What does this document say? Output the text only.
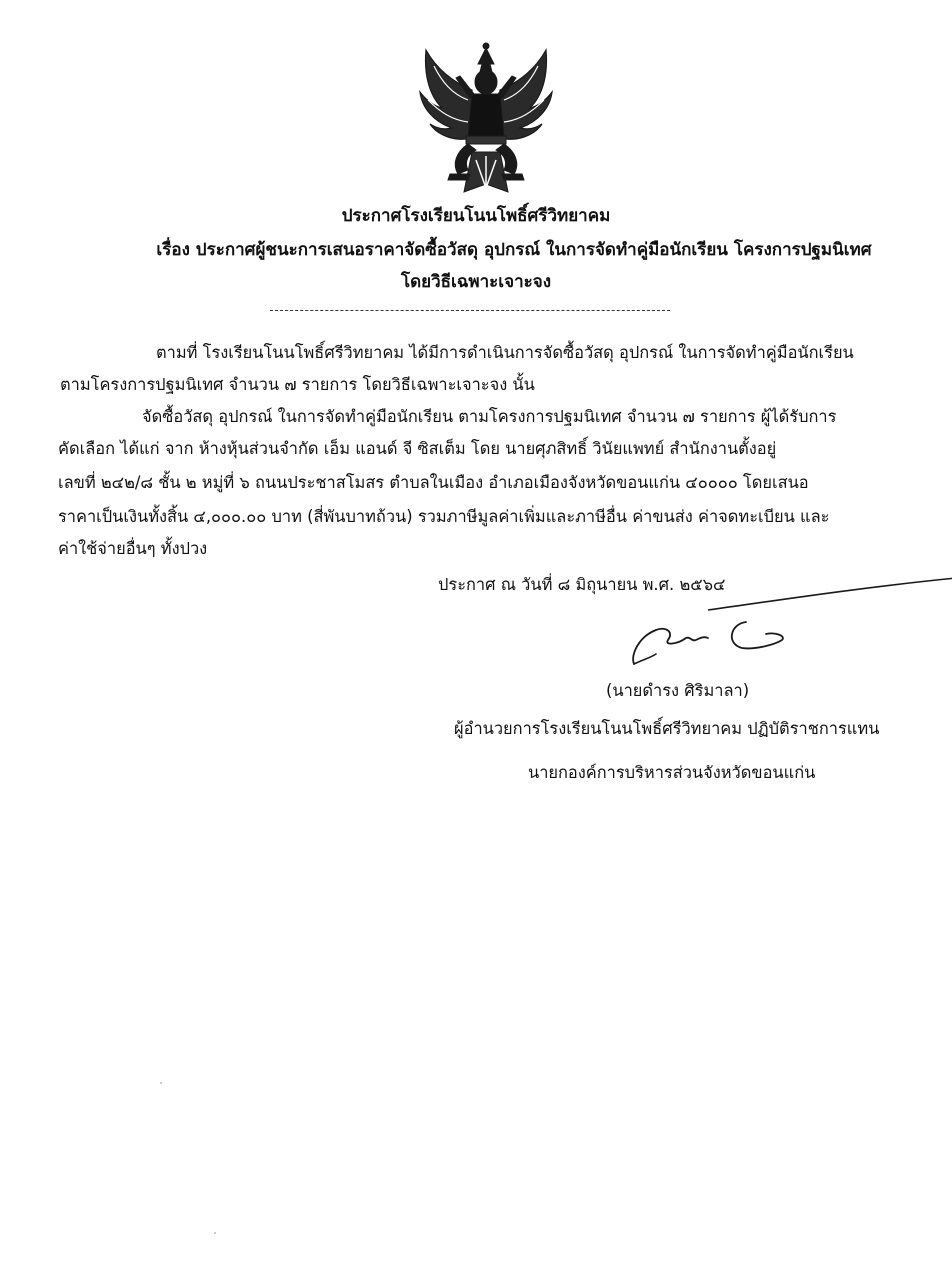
ประกาศโรงเรียนโนนโพธิ์ศรีวิทยาคม
เรื่อง ประกาศผู้ชนะการเสนอราคาจัดซื้อวัสดุ อุปกรณ์ ในการจัดทำคู่มือนักเรียน โครงการปฐมนิเทศ
โดยวิธีเฉพาะเจาะจง
ตามที่ โรงเรียนโนนโพธิ์ศรีวิทยาคม ได้มีการดำเนินการจัดซื้อวัสดุ อุปกรณ์ ในการจัดทำคู่มือนักเรียน
ตามโครงการปฐมนิเทศ จำนวน ๗ รายการ โดยวิธีเฉพาะเจาะจง นั้น
จัดซื้อวัสดุ อุปกรณ์ ในการจัดทำคู่มือนักเรียน ตามโครงการปฐมนิเทศ จำนวน ๗ รายการ ผู้ได้รับการ
คัดเลือก ได้แก่ จาก ห้างหุ้นส่วนจำกัด เอ็ม แอนด์ จี ซิสเต็ม โดย นายศุภสิทธิ์ วินัยแพทย์ สำนักงานตั้งอยู่
เลขที่ ๒๔๒/๘ ชั้น ๒ หมู่ที่ ๖ ถนนประชาสโมสร ตำบลในเมือง อำเภอเมืองจังหวัดขอนแก่น ๔๐๐๐๐ โดยเสนอ
ราคาเป็นเงินทั้งสิ้น ๔,๐๐๐.๐๐ บาท (สี่พันบาทถ้วน) รวมภาษีมูลค่าเพิ่มและภาษีอื่น ค่าขนส่ง ค่าจดทะเบียน และ
ค่าใช้จ่ายอื่นๆ ทั้งปวง
ประกาศ ณ วันที่ ๘ มิถุนายน พ.ศ. ๒๕๖๔
(นายดำรง ศิริมาลา)
ผู้อำนวยการโรงเรียนโนนโพธิ์ศรีวิทยาคม ปฏิบัติราชการแทน
นายกองค์การบริหารส่วนจังหวัดขอนแก่น
